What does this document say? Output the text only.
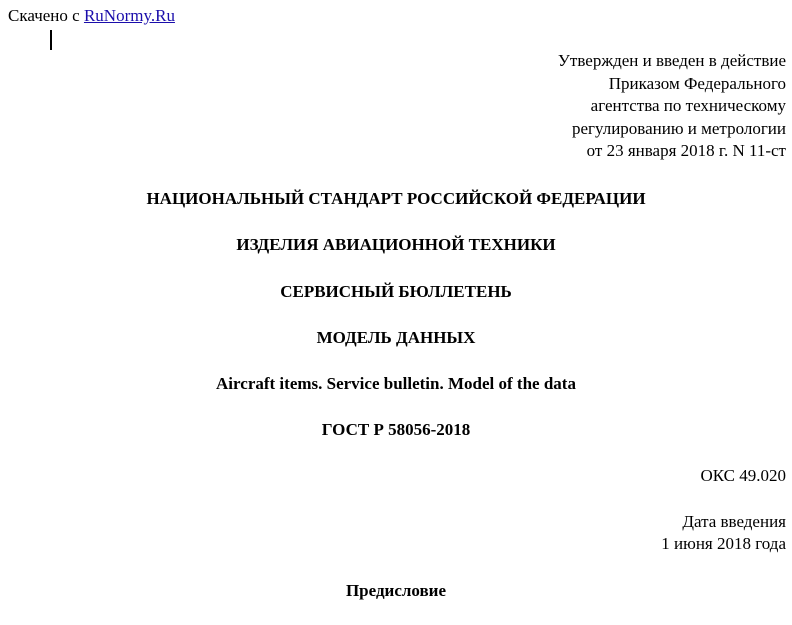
Скачено с RuNormy.Ru
Утвержден и введен в действие
Приказом Федерального
агентства по техническому
регулированию и метрологии
от 23 января 2018 г. N 11-ст
НАЦИОНАЛЬНЫЙ СТАНДАРТ РОССИЙСКОЙ ФЕДЕРАЦИИ
ИЗДЕЛИЯ АВИАЦИОННОЙ ТЕХНИКИ
СЕРВИСНЫЙ БЮЛЛЕТЕНЬ
МОДЕЛЬ ДАННЫХ
Aircraft items. Service bulletin. Model of the data
ГОСТ Р 58056-2018
ОКС 49.020
Дата введения
1 июня 2018 года
Предисловие
